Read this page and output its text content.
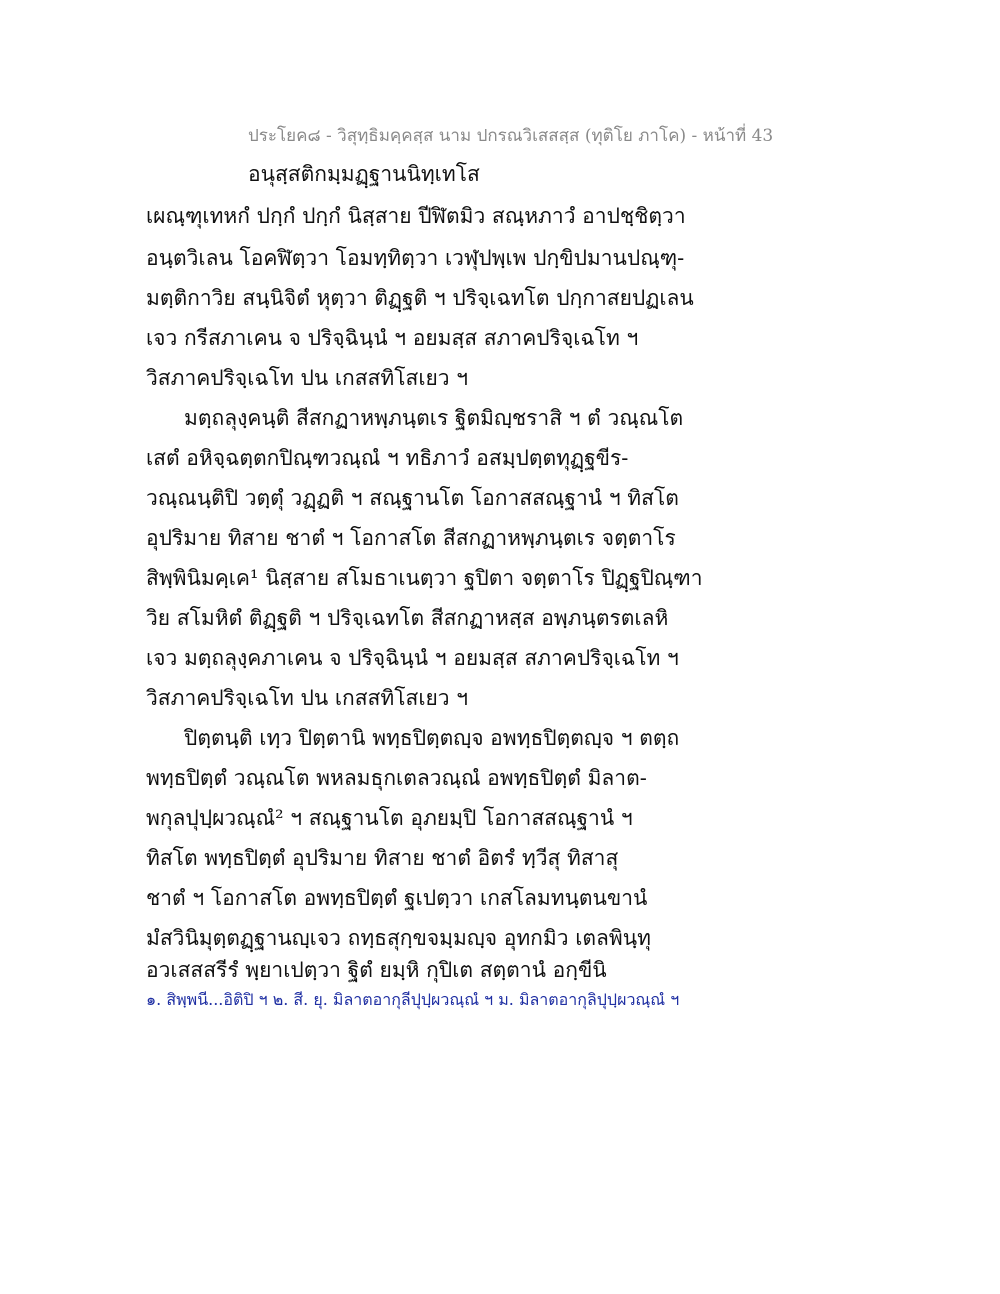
ประโยค๘ - วิสุทฺธิมคฺคสฺส นาม ปกรณวิเสสสฺส (ทุติโย ภาโค) - หน้าที่ 43
อนุสฺสติกมฺมฏฺฐานนิทฺเทโส
เผณฺฑุเทหกํ ปกฺกํ ปกฺกํ นิสฺสาย ปีฬิตมิว สณฺหภาวํ อาปชฺชิตฺวา
อนฺตวิเลน โอคฬิตฺวา โอมทฺทิตฺวา เวฬุปพฺเพ ปกฺขิปมานปณฺฑุ-
มตฺติกาวิย สนฺนิจิตํ หุตฺวา ติฏฺฐติ ฯ ปริจฺเฉทโต ปกฺกาสยปฏเลน
เจว กรีสภาเคน จ ปริจฺฉินฺนํ ฯ อยมสฺส สภาคปริจฺเฉโท ฯ
วิสภาคปริจฺเฉโท ปน เกสสทิโสเยว ฯ
มตฺถลุงฺคนฺติ สีสกฏาหพฺภนฺตเร ฐิตมิญฺชราสิ ฯ ตํ วณฺณโต
เสตํ อหิจฺฉตฺตกปิณฺฑวณฺณํ ฯ ทธิภาวํ อสมฺปตฺตทุฏฺฐขีร-
วณฺณนฺติปิ วตฺตุํ วฏฺฏติ ฯ สณฺฐานโต โอกาสสณฺฐานํ ฯ ทิสโต
อุปริมาย ทิสาย ชาตํ ฯ โอกาสโต สีสกฏาหพฺภนฺตเร จตฺตาโร
สิพฺพินิมคฺเค¹ นิสฺสาย สโมธาเนตฺวา ฐปิตา จตฺตาโร ปิฏฺฐปิณฺฑา
วิย สโมหิตํ ติฏฺฐติ ฯ ปริจฺเฉทโต สีสกฏาหสฺส อพฺภนฺตรตเลหิ
เจว มตฺถลุงฺคภาเคน จ ปริจฺฉินฺนํ ฯ อยมสฺส สภาคปริจฺเฉโท ฯ
วิสภาคปริจฺเฉโท ปน เกสสทิโสเยว ฯ
ปิตฺตนฺติ เทฺว ปิตฺตานิ พทฺธปิตฺตญฺจ อพทฺธปิตฺตญฺจ ฯ ตตฺถ
พทฺธปิตฺตํ วณฺณโต พหลมธุกเตลวณฺณํ อพทฺธปิตฺตํ มิลาต-
พกุลปุปฺผวณฺณํ² ฯ สณฺฐานโต อุภยมฺปิ โอกาสสณฺฐานํ ฯ
ทิสโต พทฺธปิตฺตํ อุปริมาย ทิสาย ชาตํ อิตรํ ทฺวีสุ ทิสาสุ
ชาตํ ฯ โอกาสโต อพทฺธปิตฺตํ ฐเปตฺวา เกสโลมทนฺตนขานํ
มํสวินิมุตฺตฏฺฐานญฺเจว ถทฺธสุกฺขจมฺมญฺจ อุทกมิว เตลพินฺทุ
อวเสสสรีรํ พฺยาเปตฺวา ฐิตํ ยมฺหิ กุปิเต สตฺตานํ อกฺขีนิ
๑. สิพฺพนี...อิติปิ ฯ ๒. สี. ยุ. มิลาตอากุลีปุปฺผวณฺณํ ฯ ม. มิลาตอากุลิปุปฺผวณฺณํ ฯ
